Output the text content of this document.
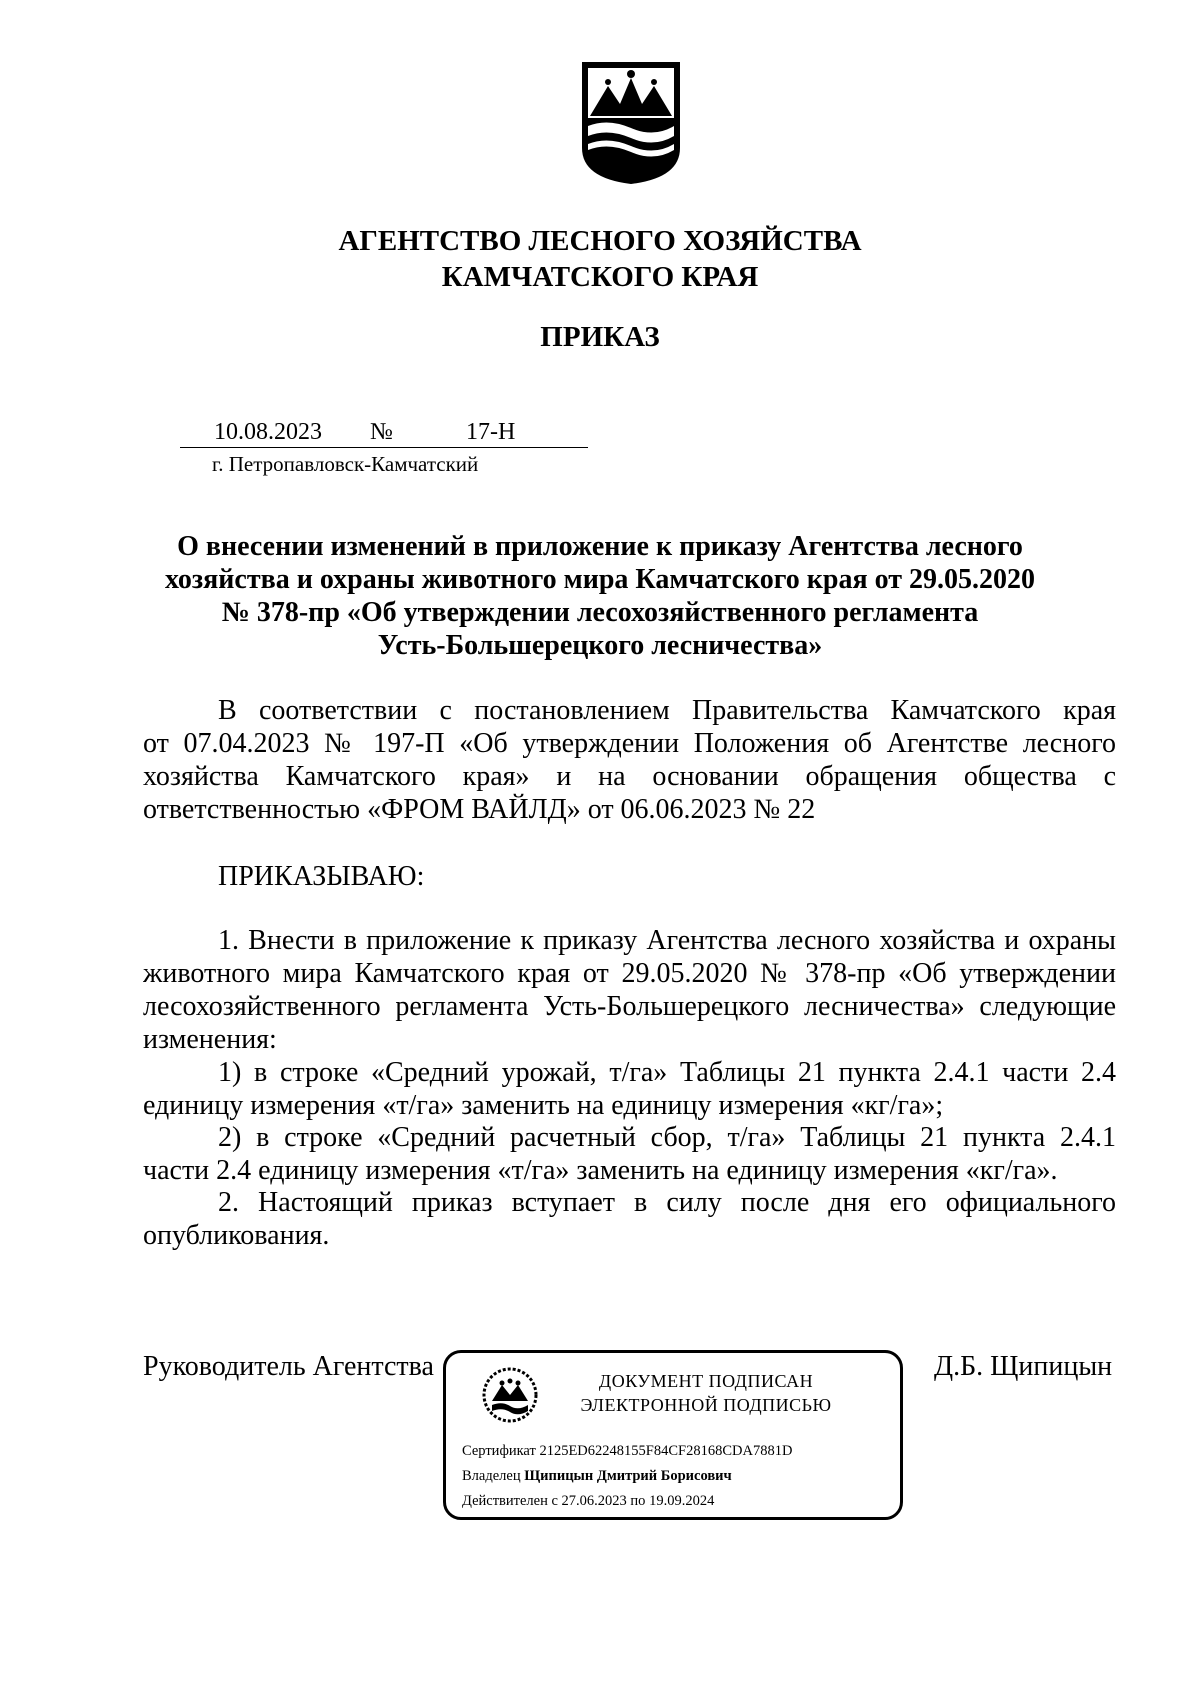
АГЕНТСТВО ЛЕСНОГО ХОЗЯЙСТВА
КАМЧАТСКОГО КРАЯ
ПРИКАЗ
10.08.2023 №	17-Н
г. Петропавловск-Камчатский
О внесении изменений в приложение к приказу Агентства лесного
хозяйства и охраны животного мира Камчатского края от 29.05.2020
№ 378-пр «Об утверждении лесохозяйственного регламента
Усть-Большерецкого лесничества»
В соответствии с постановлением Правительства Камчатского края
от 07.04.2023 № 197-П «Об утверждении Положения об Агентстве лесного
хозяйства Камчатского края» и на основании обращения общества с
ответственностью «ФРОМ ВАЙЛД» от 06.06.2023 № 22
ПРИКАЗЫВАЮ:
1. Внести в приложение к приказу Агентства лесного хозяйства и охраны
животного мира Камчатского края от 29.05.2020 № 378-пр «Об утверждении
лесохозяйственного регламента Усть-Большерецкого лесничества» следующие
изменения:
1) в строке «Средний урожай, т/га» Таблицы 21 пункта 2.4.1 части 2.4
единицу измерения «т/га» заменить на единицу измерения «кг/га»;
2) в строке «Средний расчетный сбор, т/га» Таблицы 21 пункта 2.4.1
части 2.4 единицу измерения «т/га» заменить на единицу измерения «кг/га».
2. Настоящий приказ вступает в силу после дня его официального
опубликования.
Руководитель Агентства	Д.Б. Щипицын
ДОКУМЕНТ ПОДПИСАН
ЭЛЕКТРОННОЙ ПОДПИСЬЮ
Сертификат 2125ED62248155F84CF28168CDA7881D
Владелец Щипицын Дмитрий Борисович
Действителен с 27.06.2023 по 19.09.2024
